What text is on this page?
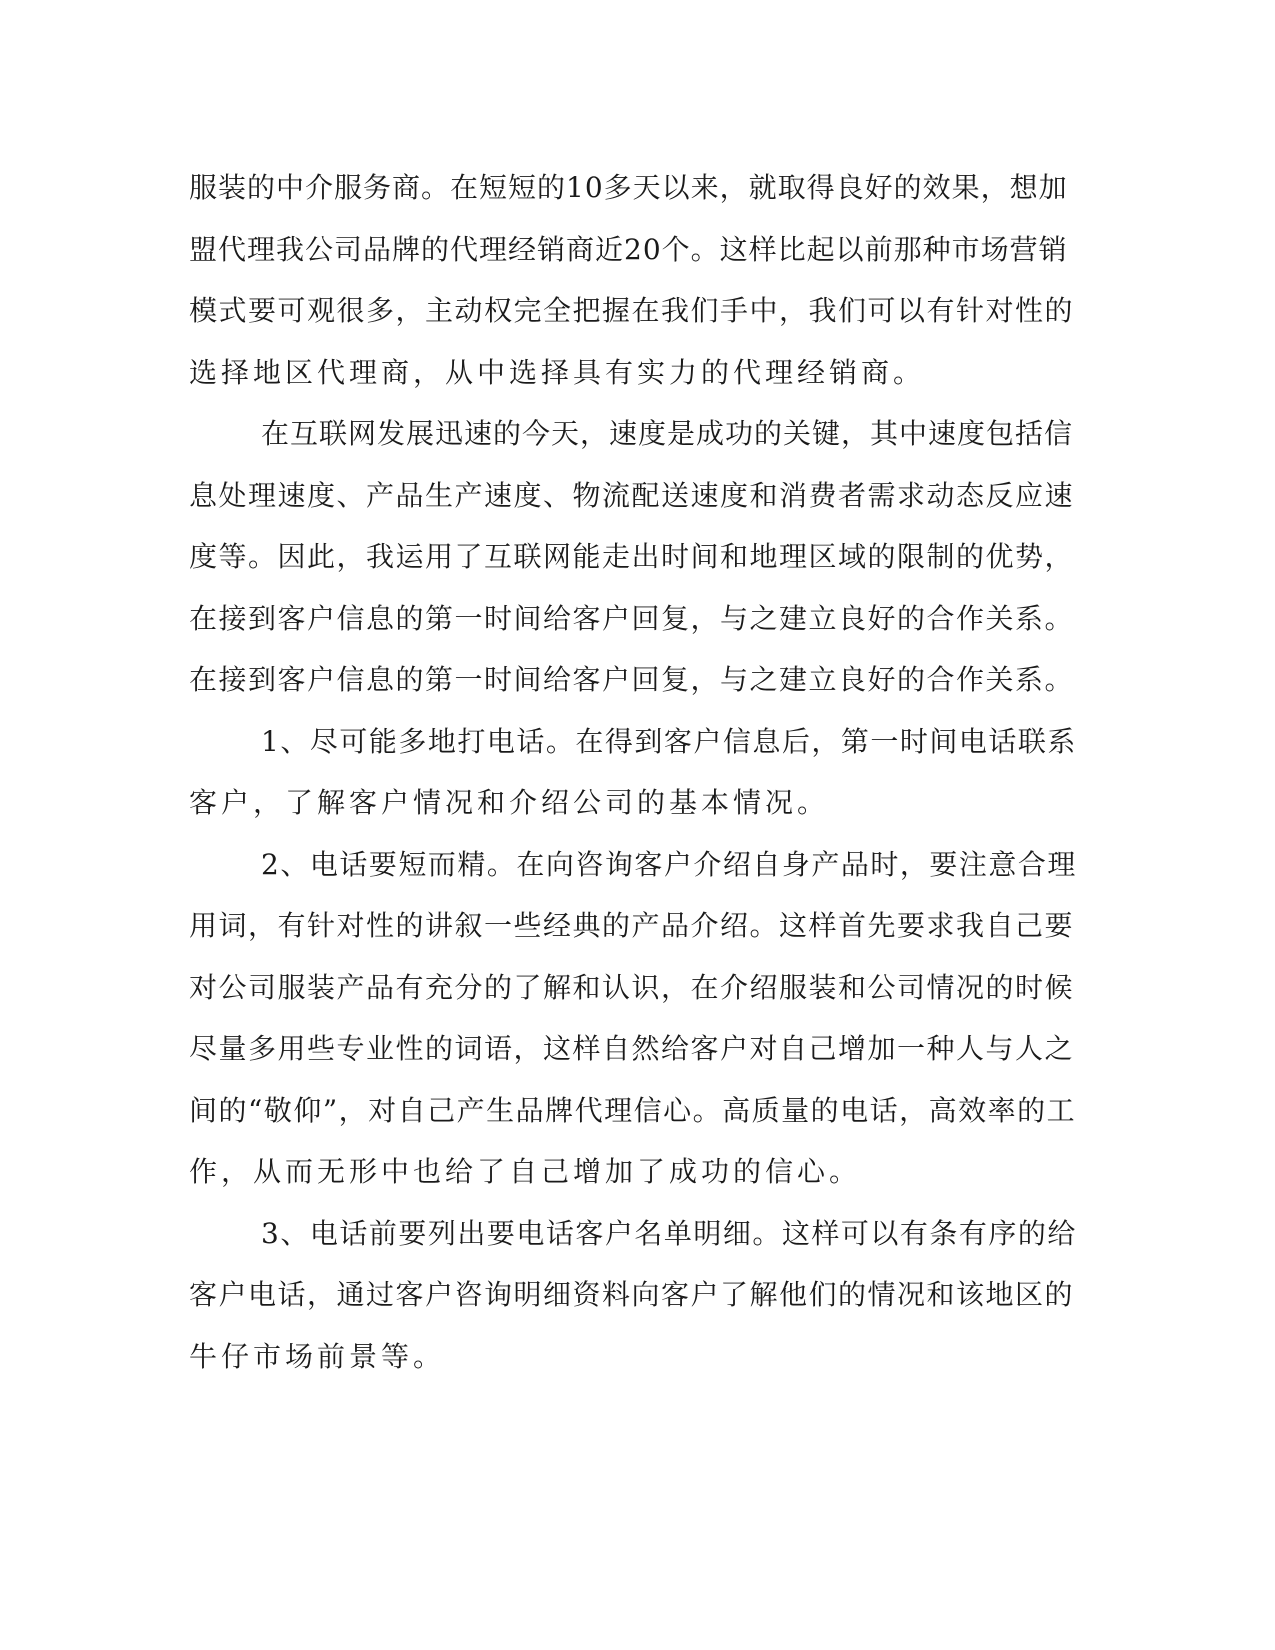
服装的中介服务商。在短短的10多天以来，就取得良好的效果，想加
盟代理我公司品牌的代理经销商近20个。这样比起以前那种市场营销
模式要可观很多，主动权完全把握在我们手中，我们可以有针对性的
选择地区代理商，从中选择具有实力的代理经销商。
在互联网发展迅速的今天，速度是成功的关键，其中速度包括信
息处理速度、产品生产速度、物流配送速度和消费者需求动态反应速
度等。因此，我运用了互联网能走出时间和地理区域的限制的优势，
在接到客户信息的第一时间给客户回复，与之建立良好的合作关系。
在接到客户信息的第一时间给客户回复，与之建立良好的合作关系。
1、尽可能多地打电话。在得到客户信息后，第一时间电话联系
客户，了解客户情况和介绍公司的基本情况。
2、电话要短而精。在向咨询客户介绍自身产品时，要注意合理
用词，有针对性的讲叙一些经典的产品介绍。这样首先要求我自己要
对公司服装产品有充分的了解和认识，在介绍服装和公司情况的时候
尽量多用些专业性的词语，这样自然给客户对自己增加一种人与人之
间的“敬仰”，对自己产生品牌代理信心。高质量的电话，高效率的工
作，从而无形中也给了自己增加了成功的信心。
3、电话前要列出要电话客户名单明细。这样可以有条有序的给
客户电话，通过客户咨询明细资料向客户了解他们的情况和该地区的
牛仔市场前景等。
